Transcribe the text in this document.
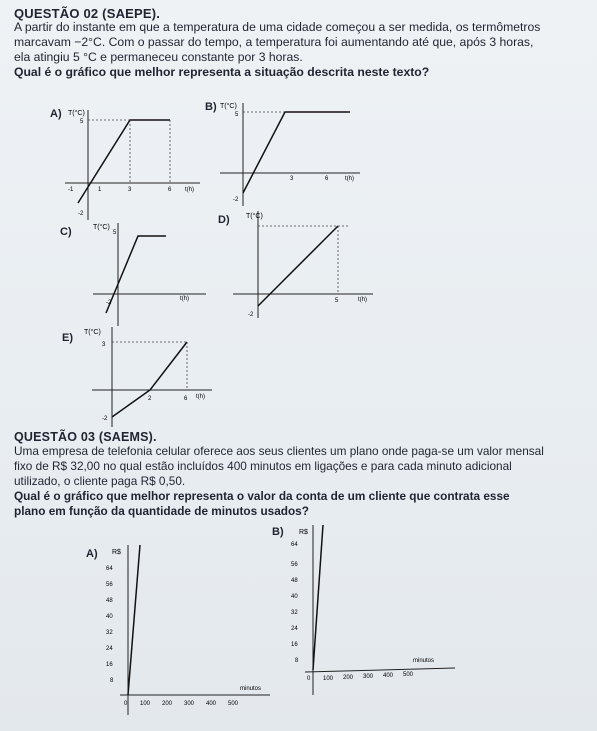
QUESTÃO 02 (SAEPE).
A partir do instante em que a temperatura de uma cidade começou a ser medida, os termômetros
marcavam −2°C. Com o passar do tempo, a temperatura foi aumentando até que, após 3 horas,
ela atingiu 5 °C e permaneceu constante por 3 horas.
Qual é o gráfico que melhor representa a situação descrita neste texto?
A) T(°C)
t(h)
-1	1	3	6
5
-2
B) T(°C)
t(h)
3	6
5
-2
C)	T(°C)
t(h)
5
-2
D) T(°C)
t(h)
5
-2
E) T(°C)
t(h)
3
2	6
-2
QUESTÃO 03 (SAEMS).
Uma empresa de telefonia celular oferece aos seus clientes um plano onde paga-se um valor mensal
fixo de R$ 32,00 no qual estão incluídos 400 minutos em ligações e para cada minuto adicional
utilizado, o cliente paga R$ 0,50.
Qual é o gráfico que melhor representa o valor da conta de um cliente que contrata esse
plano em função da quantidade de minutos usados?
A) R$
minutos
64
56
48
40
32
24
16
8
0 100 200 300 400 500
B) R$
minutos
64
56
48
40
32
24
16
8
0 100 200 300 400 500
